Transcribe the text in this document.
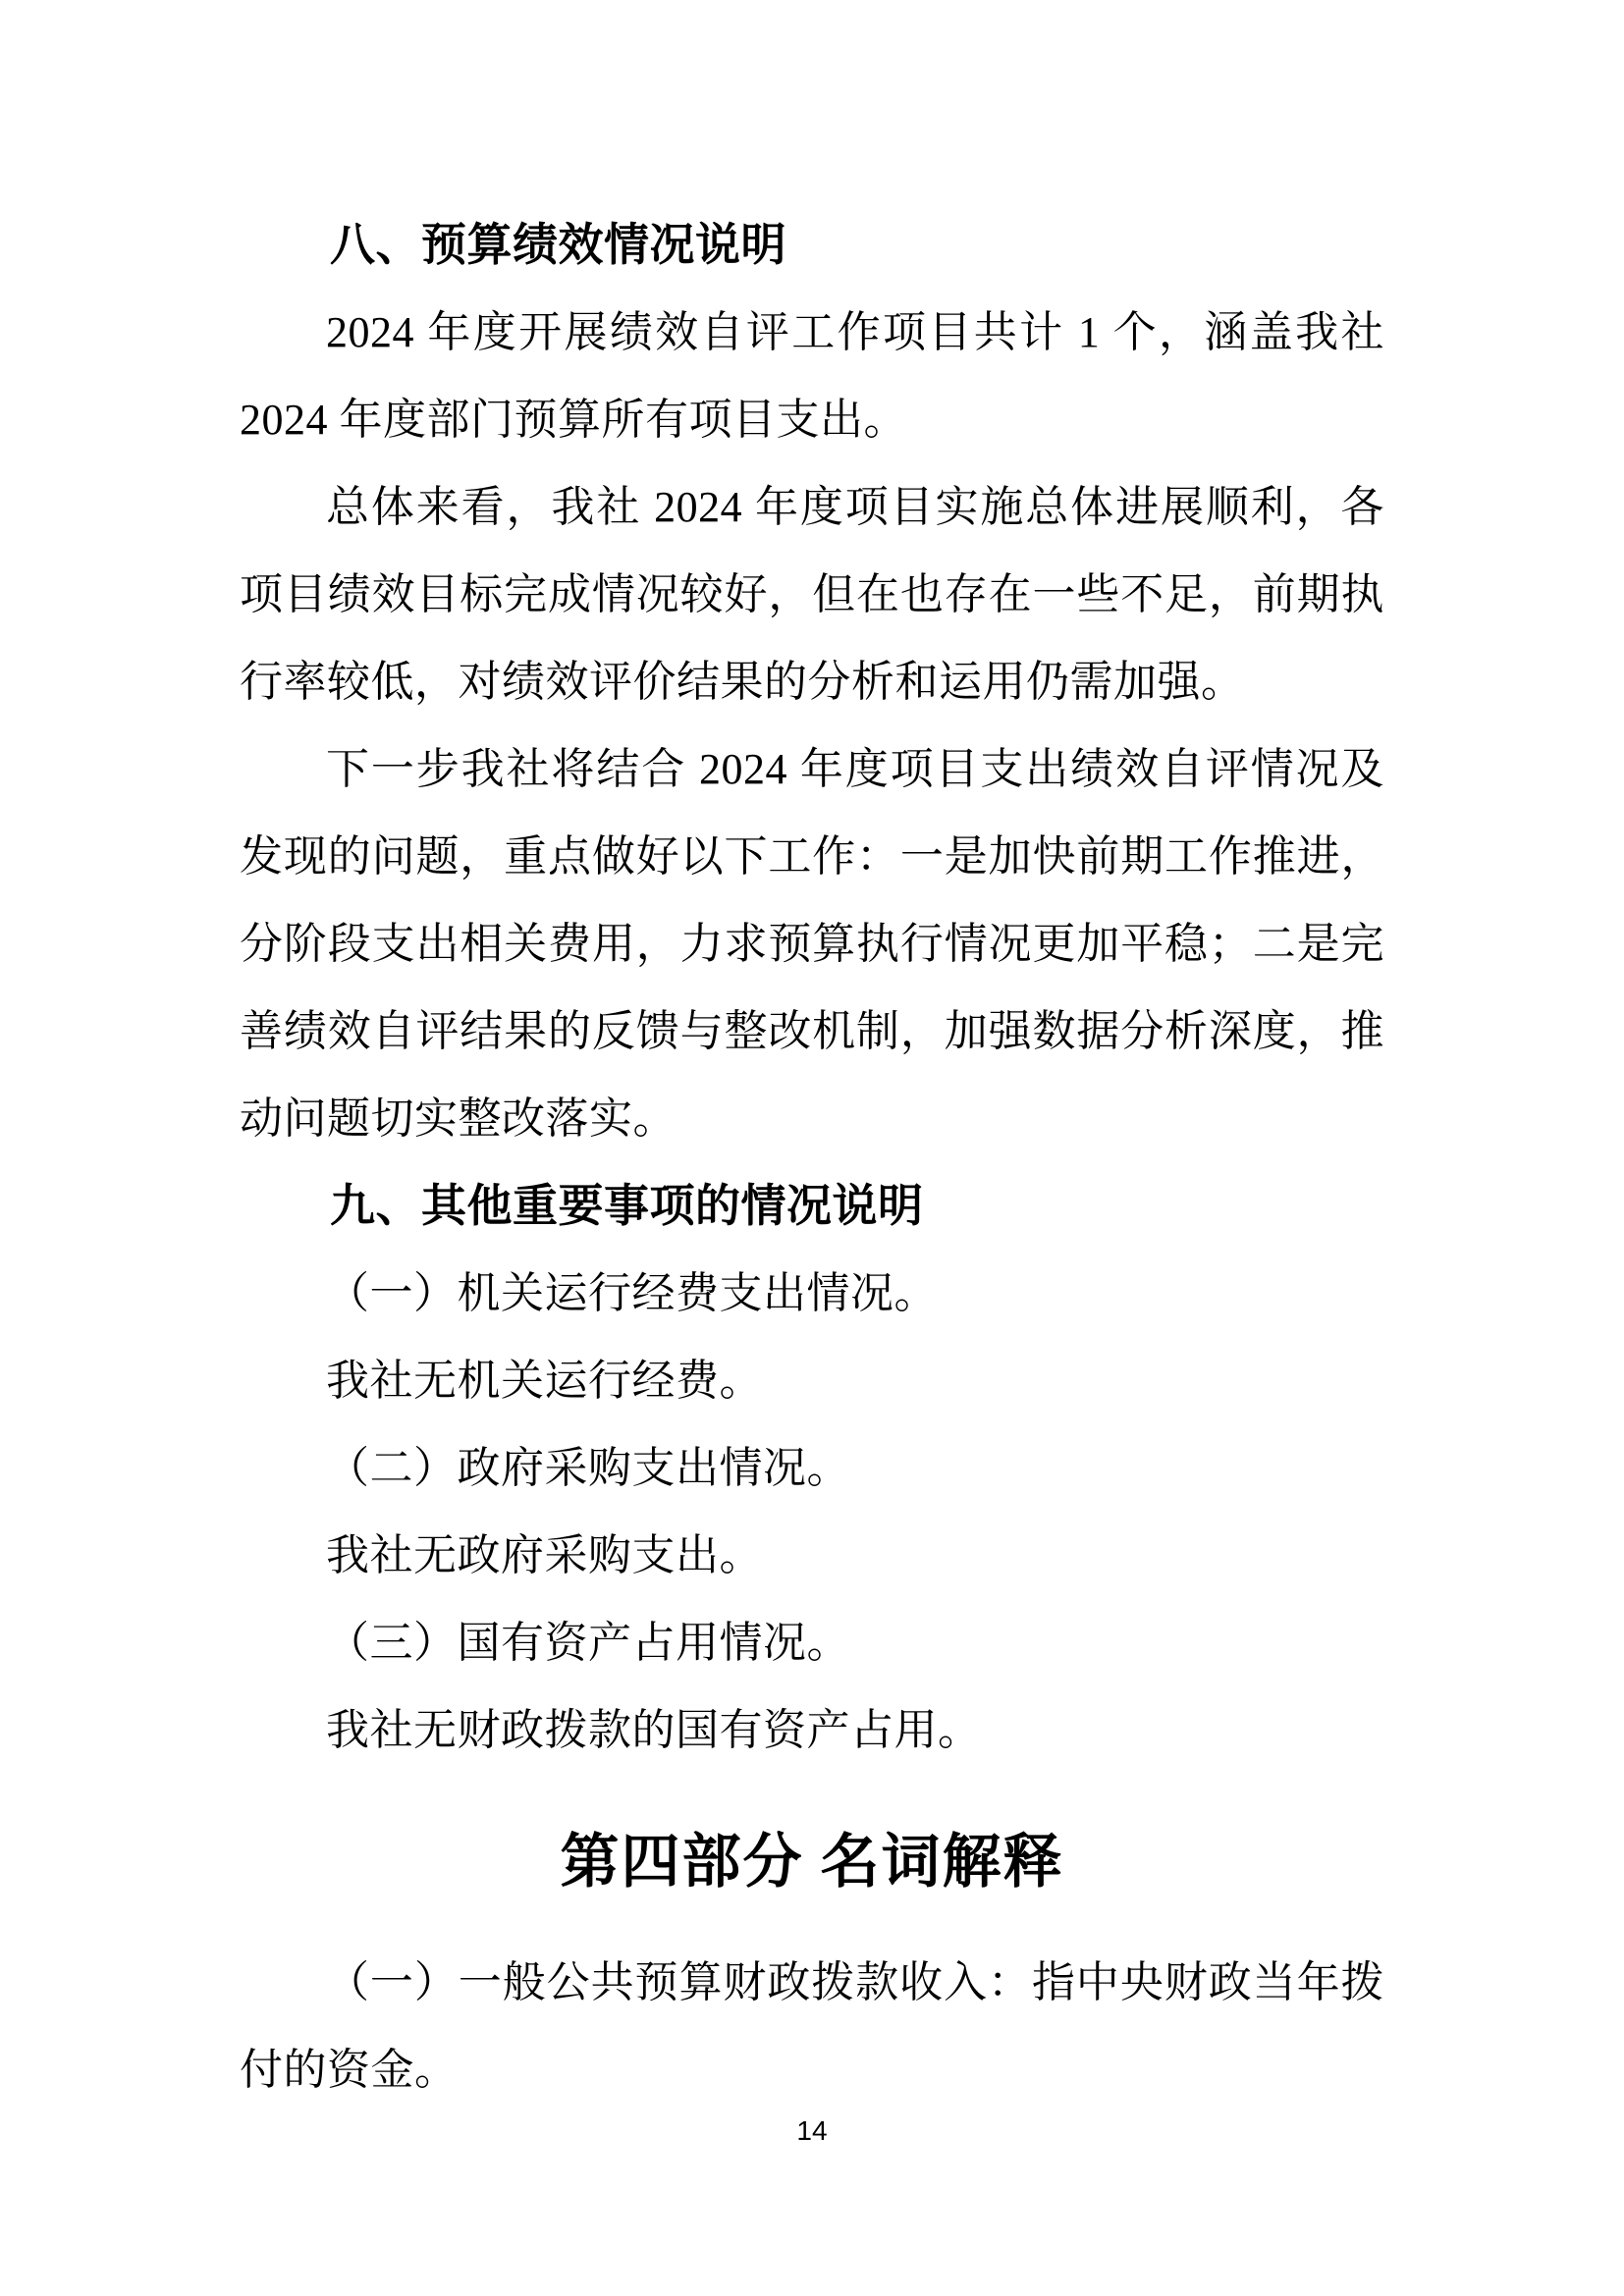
八、预算绩效情况说明

2024 年度开展绩效自评工作项目共计 1 个，涵盖我社 2024 年度部门预算所有项目支出。

总体来看，我社 2024 年度项目实施总体进展顺利，各项目绩效目标完成情况较好，但在也存在一些不足，前期执行率较低，对绩效评价结果的分析和运用仍需加强。

下一步我社将结合 2024 年度项目支出绩效自评情况及发现的问题，重点做好以下工作：一是加快前期工作推进，分阶段支出相关费用，力求预算执行情况更加平稳；二是完善绩效自评结果的反馈与整改机制，加强数据分析深度，推动问题切实整改落实。

九、其他重要事项的情况说明

（一）机关运行经费支出情况。

我社无机关运行经费。

（二）政府采购支出情况。

我社无政府采购支出。

（三）国有资产占用情况。

我社无财政拨款的国有资产占用。

第四部分 名词解释

（一）一般公共预算财政拨款收入：指中央财政当年拨付的资金。

14
